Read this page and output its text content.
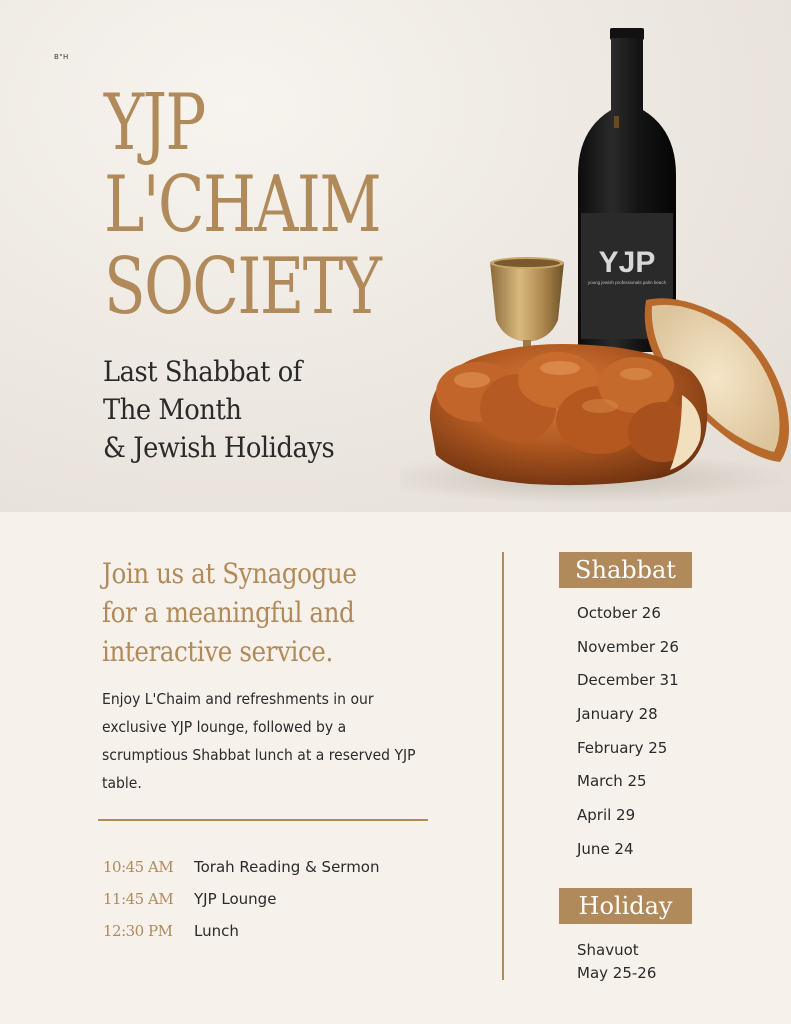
B"H
YJP
L'CHAIM
SOCIETY
Last Shabbat of
The Month
& Jewish Holidays
YJP
young jewish professionals palm beach
Join us at Synagogue
for a meaningful and
interactive service.

Enjoy L'Chaim and refreshments in our exclusive YJP lounge, followed by a scrumptious Shabbat lunch at a reserved YJP table.

10:45 AM	Torah Reading & Sermon
11:45 AM	YJP Lounge
12:30 PM	Lunch
Shabbat
October 26
November 26
December 31
January 28
February 25
March 25
April 29
June 24
Holiday
Shavuot
May 25-26
